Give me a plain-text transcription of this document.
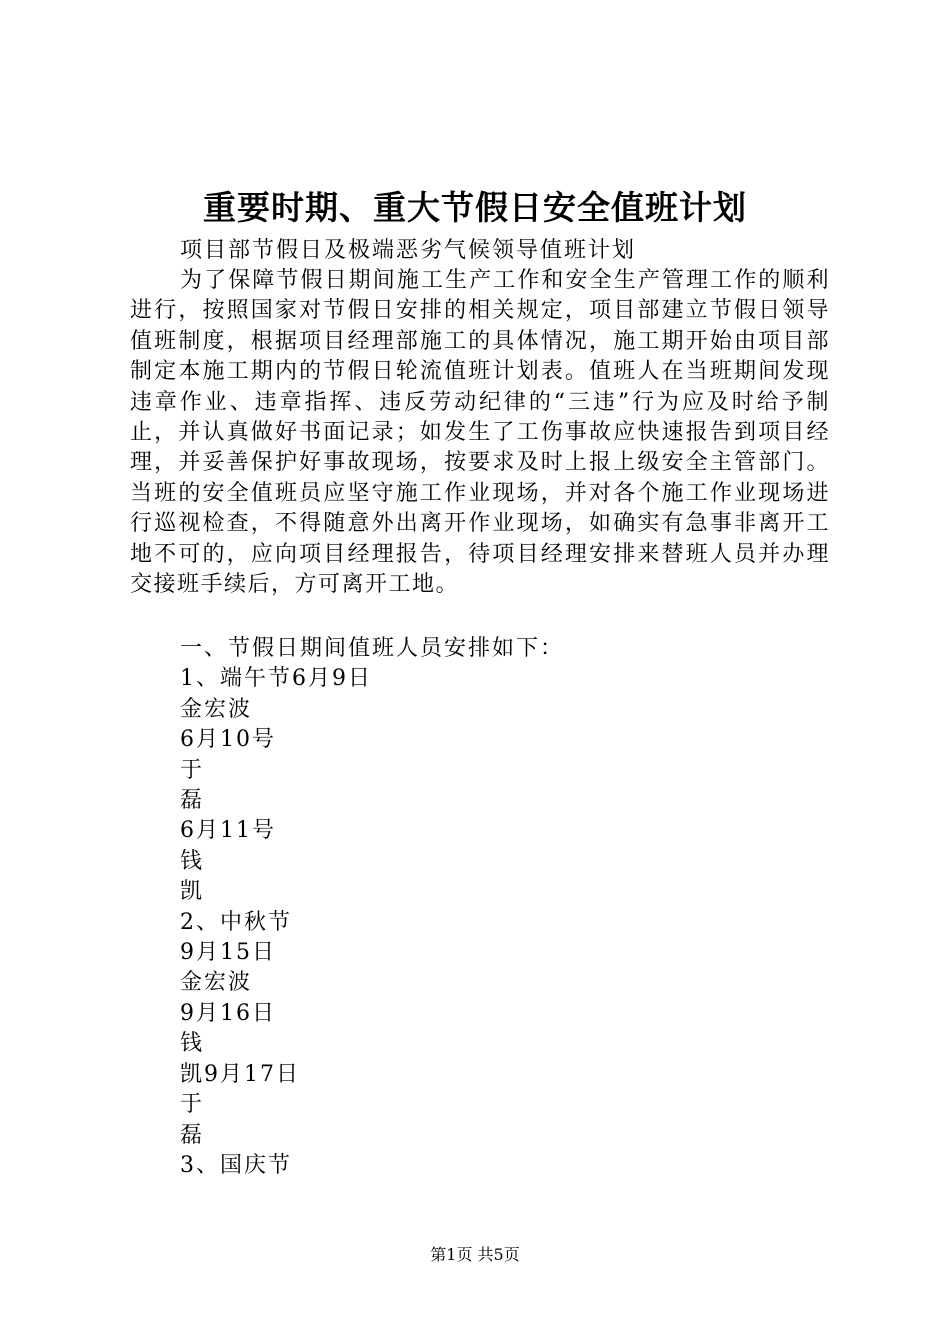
重要时期、重大节假日安全值班计划
项目部节假日及极端恶劣气候领导值班计划
为了保障节假日期间施工生产工作和安全生产管理工作的顺利进行，按照国家对节假日安排的相关规定，项目部建立节假日领导值班制度，根据项目经理部施工的具体情况，施工期开始由项目部制定本施工期内的节假日轮流值班计划表。值班人在当班期间发现违章作业、违章指挥、违反劳动纪律的“三违”行为应及时给予制止，并认真做好书面记录；如发生了工伤事故应快速报告到项目经理，并妥善保护好事故现场，按要求及时上报上级安全主管部门。当班的安全值班员应坚守施工作业现场，并对各个施工作业现场进行巡视检查，不得随意外出离开作业现场，如确实有急事非离开工地不可的，应向项目经理报告，待项目经理安排来替班人员并办理交接班手续后，方可离开工地。
一、节假日期间值班人员安排如下：
1、端午节6月9日
金宏波
6月10号
于
磊
6月11号
钱
凯
2、中秋节
9月15日
金宏波
9月16日
钱
凯9月17日
于
磊
3、国庆节
第1页 共5页
